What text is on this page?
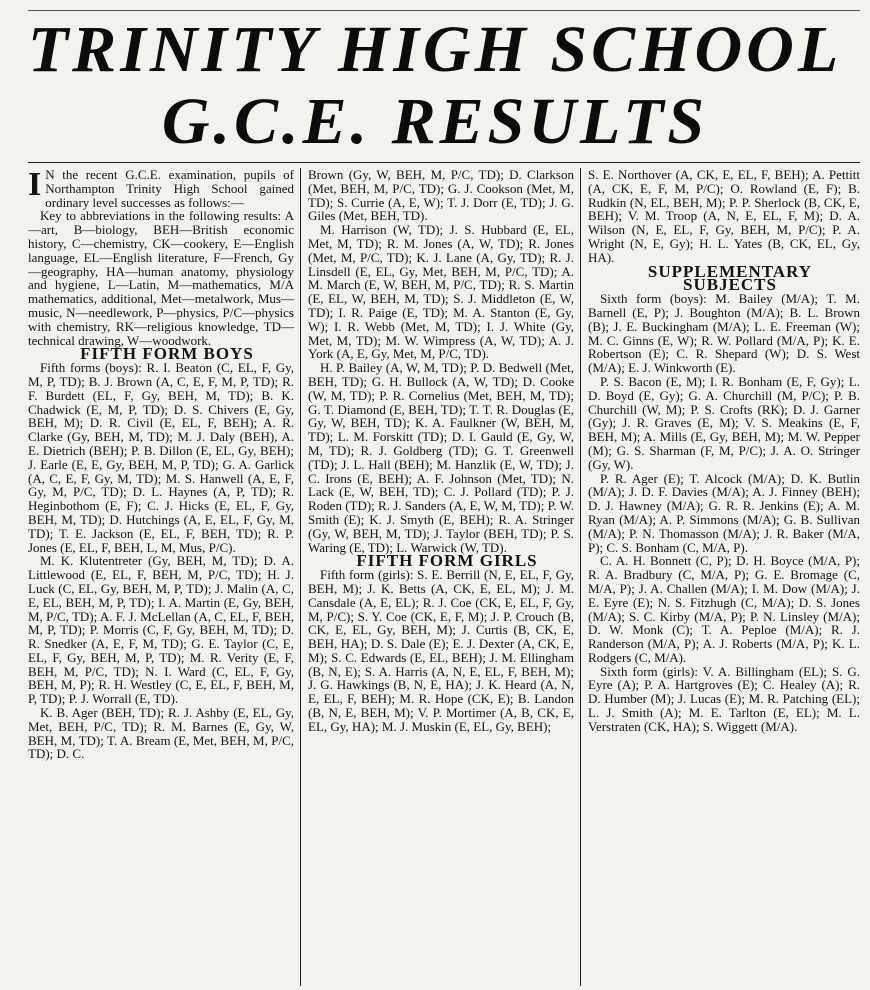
TRINITY HIGH SCHOOL
G.C.E. RESULTS

I N the recent G.C.E. examination, pupils of Northampton Trinity High School gained ordinary level successes as follows:—

Key to abbreviations in the following results: A—art, B—biology, BEH—British economic history, C—chemistry, CK—cookery, E—English language, EL—English literature, F—French, Gy—geography, HA—human anatomy, physiology and hygiene, L—Latin, M—mathematics, M/A mathematics, additional, Met—metalwork, Mus—music, N—needlework, P—physics, P/C—physics with chemistry, RK—religious knowledge, TD—technical drawing, W—woodwork.

FIFTH FORM BOYS

Fifth forms (boys): R. I. Beaton (C, EL, F, Gy, M, P, TD); B. J. Brown (A, C, E, F, M, P, TD); R. F. Burdett (EL, F, Gy, BEH, M, TD); B. K. Chadwick (E, M, P, TD); D. S. Chivers (E, Gy, BEH, M); D. R. Civil (E, EL, F, BEH); A. R. Clarke (Gy, BEH, M, TD); M. J. Daly (BEH), A. E. Dietrich (BEH); P. B. Dillon (E, EL, Gy, BEH); J. Earle (E, E, Gy, BEH, M, P, TD); G. A. Garlick (A, C, E, F, Gy, M, TD); M. S. Hanwell (A, E, F, Gy, M, P/C, TD); D. L. Haynes (A, P, TD); R. Heginbothom (E, F); C. J. Hicks (E, EL, F, Gy, BEH, M, TD); D. Hutchings (A, E, EL, F, Gy, M, TD); T. E. Jackson (E, EL, F, BEH, TD); R. P. Jones (E, EL, F, BEH, L, M, Mus, P/C).

M. K. Klutentreter (Gy, BEH, M, TD); D. A. Littlewood (E, EL, F, BEH, M, P/C, TD); H. J. Luck (C, EL, Gy, BEH, M, P, TD); J. Malin (A, C, E, EL, BEH, M, P, TD); I. A. Martin (E, Gy, BEH, M, P/C, TD); A. F. J. McLellan (A, C, EL, F, BEH, M, P, TD); P. Morris (C, F, Gy, BEH, M, TD); D. R. Snedker (A, E, F, M, TD); G. E. Taylor (C, E, EL, F, Gy, BEH, M, P, TD); M. R. Verity (E, F, BEH, M, P/C, TD); N. I. Ward (C, EL, F, Gy, BEH, M, P); R. H. Westley (C, E, EL, F, BEH, M, P, TD); P. J. Worrall (E, TD).

K. B. Ager (BEH, TD); R. J. Ashby (E, EL, Gy, Met, BEH, P/C, TD); R. M. Barnes (E, Gy, W, BEH, M, TD); T. A. Bream (E, Met, BEH, M, P/C, TD); D. C.

Brown (Gy, W, BEH, M, P/C, TD); D. Clarkson (Met, BEH, M, P/C, TD); G. J. Cookson (Met, M, TD); S. Currie (A, E, W); T. J. Dorr (E, TD); J. G. Giles (Met, BEH, TD).

M. Harrison (W, TD); J. S. Hubbard (E, EL, Met, M, TD); R. M. Jones (A, W, TD); R. Jones (Met, M, P/C, TD); K. J. Lane (A, Gy, TD); R. J. Linsdell (E, EL, Gy, Met, BEH, M, P/C, TD); A. M. March (E, W, BEH, M, P/C, TD); R. S. Martin (E, EL, W, BEH, M, TD); S. J. Middleton (E, W, TD); I. R. Paige (E, TD); M. A. Stanton (E, Gy, W); I. R. Webb (Met, M, TD); I. J. White (Gy, Met, M, TD); M. W. Wimpress (A, W, TD); A. J. York (A, E, Gy, Met, M, P/C, TD).

H. P. Bailey (A, W, M, TD); P. D. Bedwell (Met, BEH, TD); G. H. Bullock (A, W, TD); D. Cooke (W, M, TD); P. R. Cornelius (Met, BEH, M, TD); G. T. Diamond (E, BEH, TD); T. T. R. Douglas (E, Gy, W, BEH, TD); K. A. Faulkner (W, BEH, M, TD); L. M. Forskitt (TD); D. I. Gauld (E, Gy, W, M, TD); R. J. Goldberg (TD); G. T. Greenwell (TD); J. L. Hall (BEH); M. Hanzlik (E, W, TD); J. C. Irons (E, BEH); A. F. Johnson (Met, TD); N. Lack (E, W, BEH, TD); C. J. Pollard (TD); P. J. Roden (TD); R. J. Sanders (A, E, W, M, TD); P. W. Smith (E); K. J. Smyth (E, BEH); R. A. Stringer (Gy, W, BEH, M, TD); J. Taylor (BEH, TD); P. S. Waring (E, TD); L. Warwick (W, TD).

FIFTH FORM GIRLS

Fifth form (girls): S. E. Berrill (N, E, EL, F, Gy, BEH, M); J. K. Betts (A, CK, E, EL, M); J. M. Cansdale (A, E, EL); R. J. Coe (CK, E, EL, F, Gy, M, P/C); S. Y. Coe (CK, E, F, M); J. P. Crouch (B, CK, E, EL, Gy, BEH, M); J. Curtis (B, CK, E, BEH, HA); D. S. Dale (E); E. J. Dexter (A, CK, E, M); S. C. Edwards (E, EL, BEH); J. M. Ellingham (B, N, E); S. A. Harris (A, N, E, EL, F, BEH, M); J. G. Hawkings (B, N, E, HA); J. K. Heard (A, N, E, EL, F, BEH); M. R. Hope (CK, E); B. Landon (B, N, E, BEH, M); V. P. Mortimer (A, B, CK, E, EL, Gy, HA); M. J. Muskin (E, EL, Gy, BEH);

S. E. Northover (A, CK, E, EL, F, BEH); A. Pettitt (A, CK, E, F, M, P/C); O. Rowland (E, F); B. Rudkin (N, EL, BEH, M); P. P. Sherlock (B, CK, E, BEH); V. M. Troop (A, N, E, EL, F, M); D. A. Wilson (N, E, EL, F, Gy, BEH, M, P/C); P. A. Wright (N, E, Gy); H. L. Yates (B, CK, EL, Gy, HA).

SUPPLEMENTARY

SUBJECTS

Sixth form (boys): M. Bailey (M/A); T. M. Barnell (E, P); J. Boughton (M/A); B. L. Brown (B); J. E. Buckingham (M/A); L. E. Freeman (W); M. C. Ginns (E, W); R. W. Pollard (M/A, P); K. E. Robertson (E); C. R. Shepard (W); D. S. West (M/A); E. J. Winkworth (E).

P. S. Bacon (E, M); I. R. Bonham (E, F, Gy); L. D. Boyd (E, Gy); G. A. Churchill (M, P/C); P. B. Churchill (W, M); P. S. Crofts (RK); D. J. Garner (Gy); J. R. Graves (E, M); V. S. Meakins (E, F, BEH, M); A. Mills (E, Gy, BEH, M); M. W. Pepper (M); G. S. Sharman (F, M, P/C); J. A. O. Stringer (Gy, W).

P. R. Ager (E); T. Alcock (M/A); D. K. Butlin (M/A); J. D. F. Davies (M/A); A. J. Finney (BEH); D. J. Hawney (M/A); G. R. R. Jenkins (E); A. M. Ryan (M/A); A. P. Simmons (M/A); G. B. Sullivan (M/A); P. N. Thomasson (M/A); J. R. Baker (M/A, P); C. S. Bonham (C, M/A, P).

C. A. H. Bonnett (C, P); D. H. Boyce (M/A, P); R. A. Bradbury (C, M/A, P); G. E. Bromage (C, M/A, P); J. A. Challen (M/A); I. M. Dow (M/A); J. E. Eyre (E); N. S. Fitzhugh (C, M/A); D. S. Jones (M/A); S. C. Kirby (M/A, P); P. N. Linsley (M/A); D. W. Monk (C); T. A. Peploe (M/A); R. J. Randerson (M/A, P); A. J. Roberts (M/A, P); K. L. Rodgers (C, M/A).

Sixth form (girls): V. A. Billingham (EL); S. G. Eyre (A); P. A. Hartgroves (E); C. Healey (A); R. D. Humber (M); J. Lucas (E); M. R. Patching (EL); L. J. Smith (A); M. E. Tarlton (E, EL); M. L. Verstraten (CK, HA); S. Wiggett (M/A).
